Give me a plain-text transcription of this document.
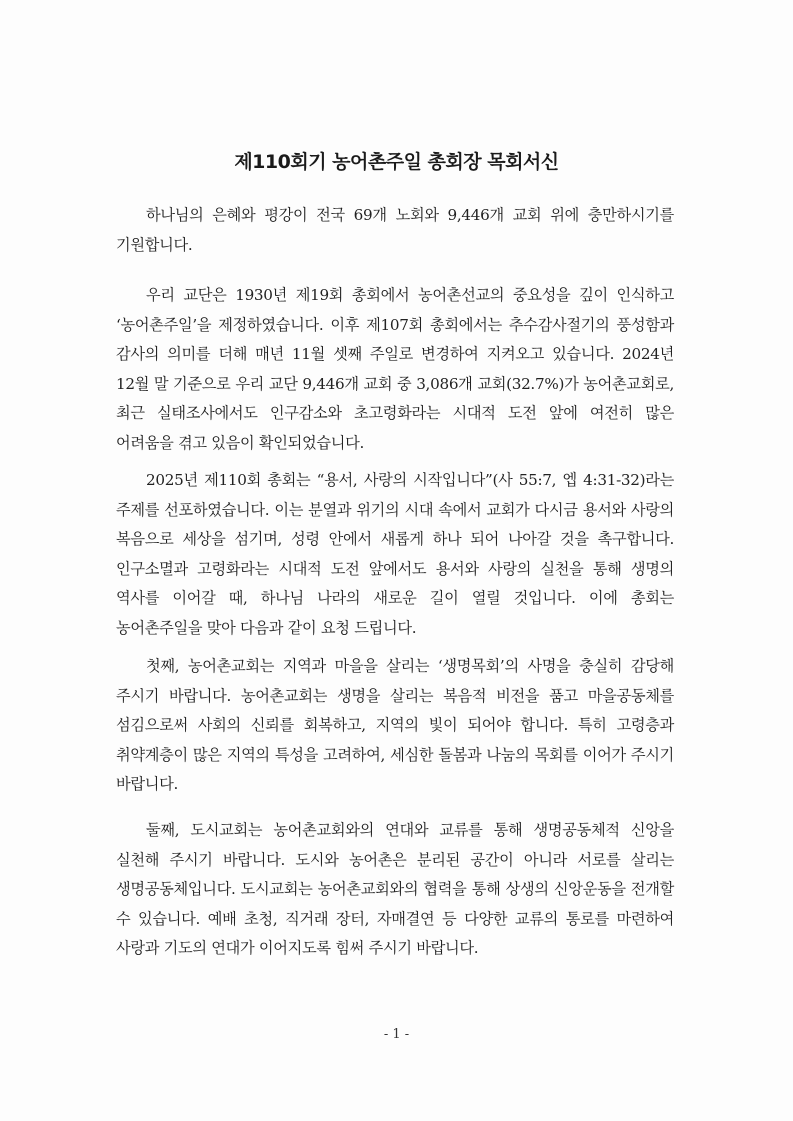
제110회기 농어촌주일 총회장 목회서신

하나님의 은혜와 평강이 전국 69개 노회와 9,446개 교회 위에 충만하시기를 기원합니다.

우리 교단은 1930년 제19회 총회에서 농어촌선교의 중요성을 깊이 인식하고 ‘농어촌주일’을 제정하였습니다. 이후 제107회 총회에서는 추수감사절기의 풍성함과 감사의 의미를 더해 매년 11월 셋째 주일로 변경하여 지켜오고 있습니다. 2024년 12월 말 기준으로 우리 교단 9,446개 교회 중 3,086개 교회(32.7%)가 농어촌교회로, 최근 실태조사에서도 인구감소와 초고령화라는 시대적 도전 앞에 여전히 많은 어려움을 겪고 있음이 확인되었습니다.

2025년 제110회 총회는 “용서, 사랑의 시작입니다”(사 55:7, 엡 4:31-32)라는 주제를 선포하였습니다. 이는 분열과 위기의 시대 속에서 교회가 다시금 용서와 사랑의 복음으로 세상을 섬기며, 성령 안에서 새롭게 하나 되어 나아갈 것을 촉구합니다. 인구소멸과 고령화라는 시대적 도전 앞에서도 용서와 사랑의 실천을 통해 생명의 역사를 이어갈 때, 하나님 나라의 새로운 길이 열릴 것입니다. 이에 총회는 농어촌주일을 맞아 다음과 같이 요청 드립니다.

첫째, 농어촌교회는 지역과 마을을 살리는 ‘생명목회’의 사명을 충실히 감당해 주시기 바랍니다. 농어촌교회는 생명을 살리는 복음적 비전을 품고 마을공동체를 섬김으로써 사회의 신뢰를 회복하고, 지역의 빛이 되어야 합니다. 특히 고령층과 취약계층이 많은 지역의 특성을 고려하여, 세심한 돌봄과 나눔의 목회를 이어가 주시기 바랍니다.

둘째, 도시교회는 농어촌교회와의 연대와 교류를 통해 생명공동체적 신앙을 실천해 주시기 바랍니다. 도시와 농어촌은 분리된 공간이 아니라 서로를 살리는 생명공동체입니다. 도시교회는 농어촌교회와의 협력을 통해 상생의 신앙운동을 전개할 수 있습니다. 예배 초청, 직거래 장터, 자매결연 등 다양한 교류의 통로를 마련하여 사랑과 기도의 연대가 이어지도록 힘써 주시기 바랍니다.

- 1 -
